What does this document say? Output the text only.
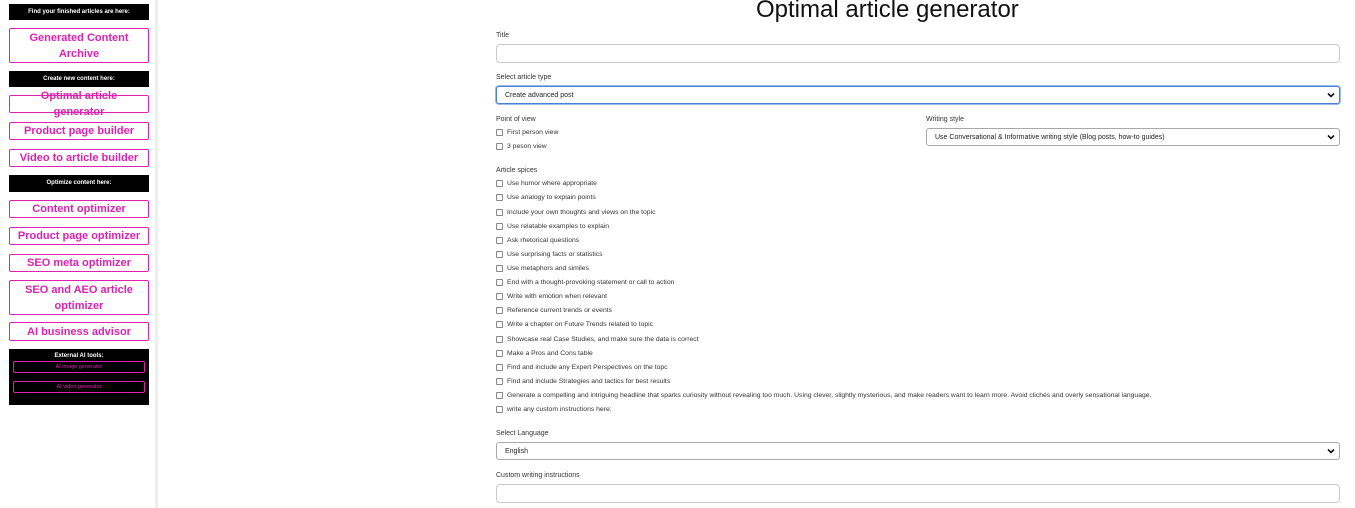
Find your finished articles are here:
Generated Content Archive
Create new content here:
Optimal article generator
Product page builder
Video to article builder
Optimize content here:
Content optimizer
Product page optimizer
SEO meta optimizer
SEO and AEO article optimizer
AI business advisor
External AI tools:
AI image generator
AI video generator
Optimal article generator
Title
Select article type
Create advanced post
Point of view
First person view
3 peson view
Writing style
Use Conversational & Informative writing style (Blog posts, how-to guides)
Article spices
Use humor where appropriate
Use analogy to explain points
Include your own thoughts and views on the topic
Use relatable examples to explain
Ask rhetorical questions
Use surprising facts or statistics
Use metaphors and similes
End with a thought-provoking statement or call to action
Write with emotion when relevant
Reference current trends or events
Write a chapter on Future Trends related to topic
Showcase real Case Studies, and make sure the data is correct
Make a Pros and Cons table
Find and include any Expert Perspectives on the topc
Find and include Strategies and tactics for best results
Generate a compelling and intriguing headline that sparks curiosity without revealing too much. Using clever, slightly mysterious, and make readers want to learn more. Avoid clichés and overly sensational language.
write any custom instructions here:
Select Language
English
Custom writing instructions
